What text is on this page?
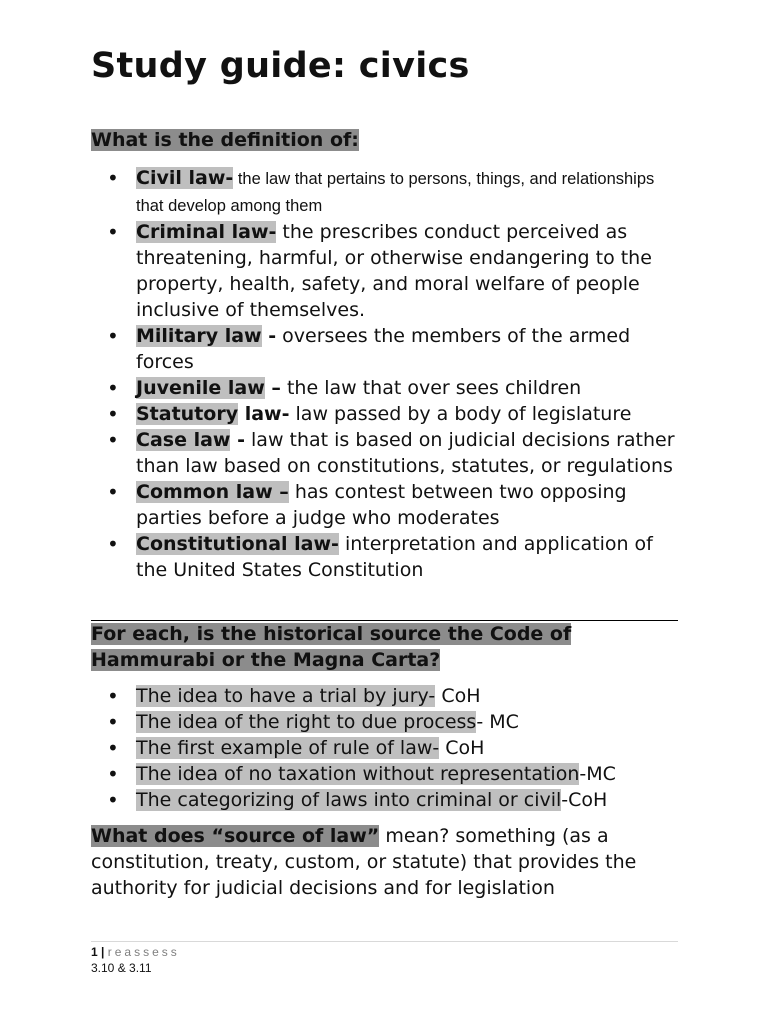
Study guide: civics
What is the definition of:
• Civil law- the law that pertains to persons, things, and relationships that develop among them
• Criminal law- the prescribes conduct perceived as threatening, harmful, or otherwise endangering to the property, health, safety, and moral welfare of people inclusive of themselves.
• Military law - oversees the members of the armed forces
• Juvenile law – the law that over sees children
• Statutory law- law passed by a body of legislature
• Case law - law that is based on judicial decisions rather than law based on constitutions, statutes, or regulations
• Common law – has contest between two opposing parties before a judge who moderates
• Constitutional law- interpretation and application of the United States Constitution
For each, is the historical source the Code of Hammurabi or the Magna Carta?
• The idea to have a trial by jury- CoH
• The idea of the right to due process- MC
• The first example of rule of law- CoH
• The idea of no taxation without representation-MC
• The categorizing of laws into criminal or civil-CoH

What does “source of law” mean? something (as a constitution, treaty, custom, or statute) that provides the authority for judicial decisions and for legislation

1 | reassess
3.10 & 3.11
